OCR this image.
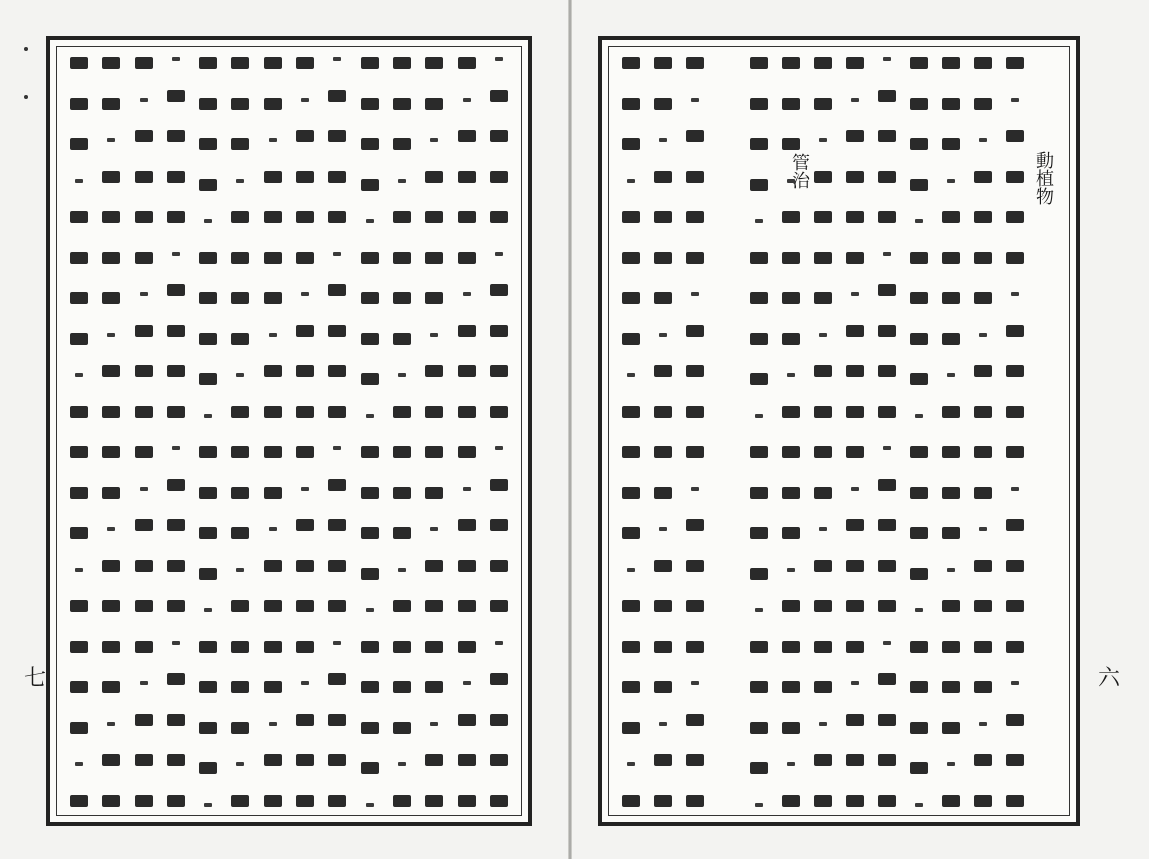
動植物
管治
七	六
